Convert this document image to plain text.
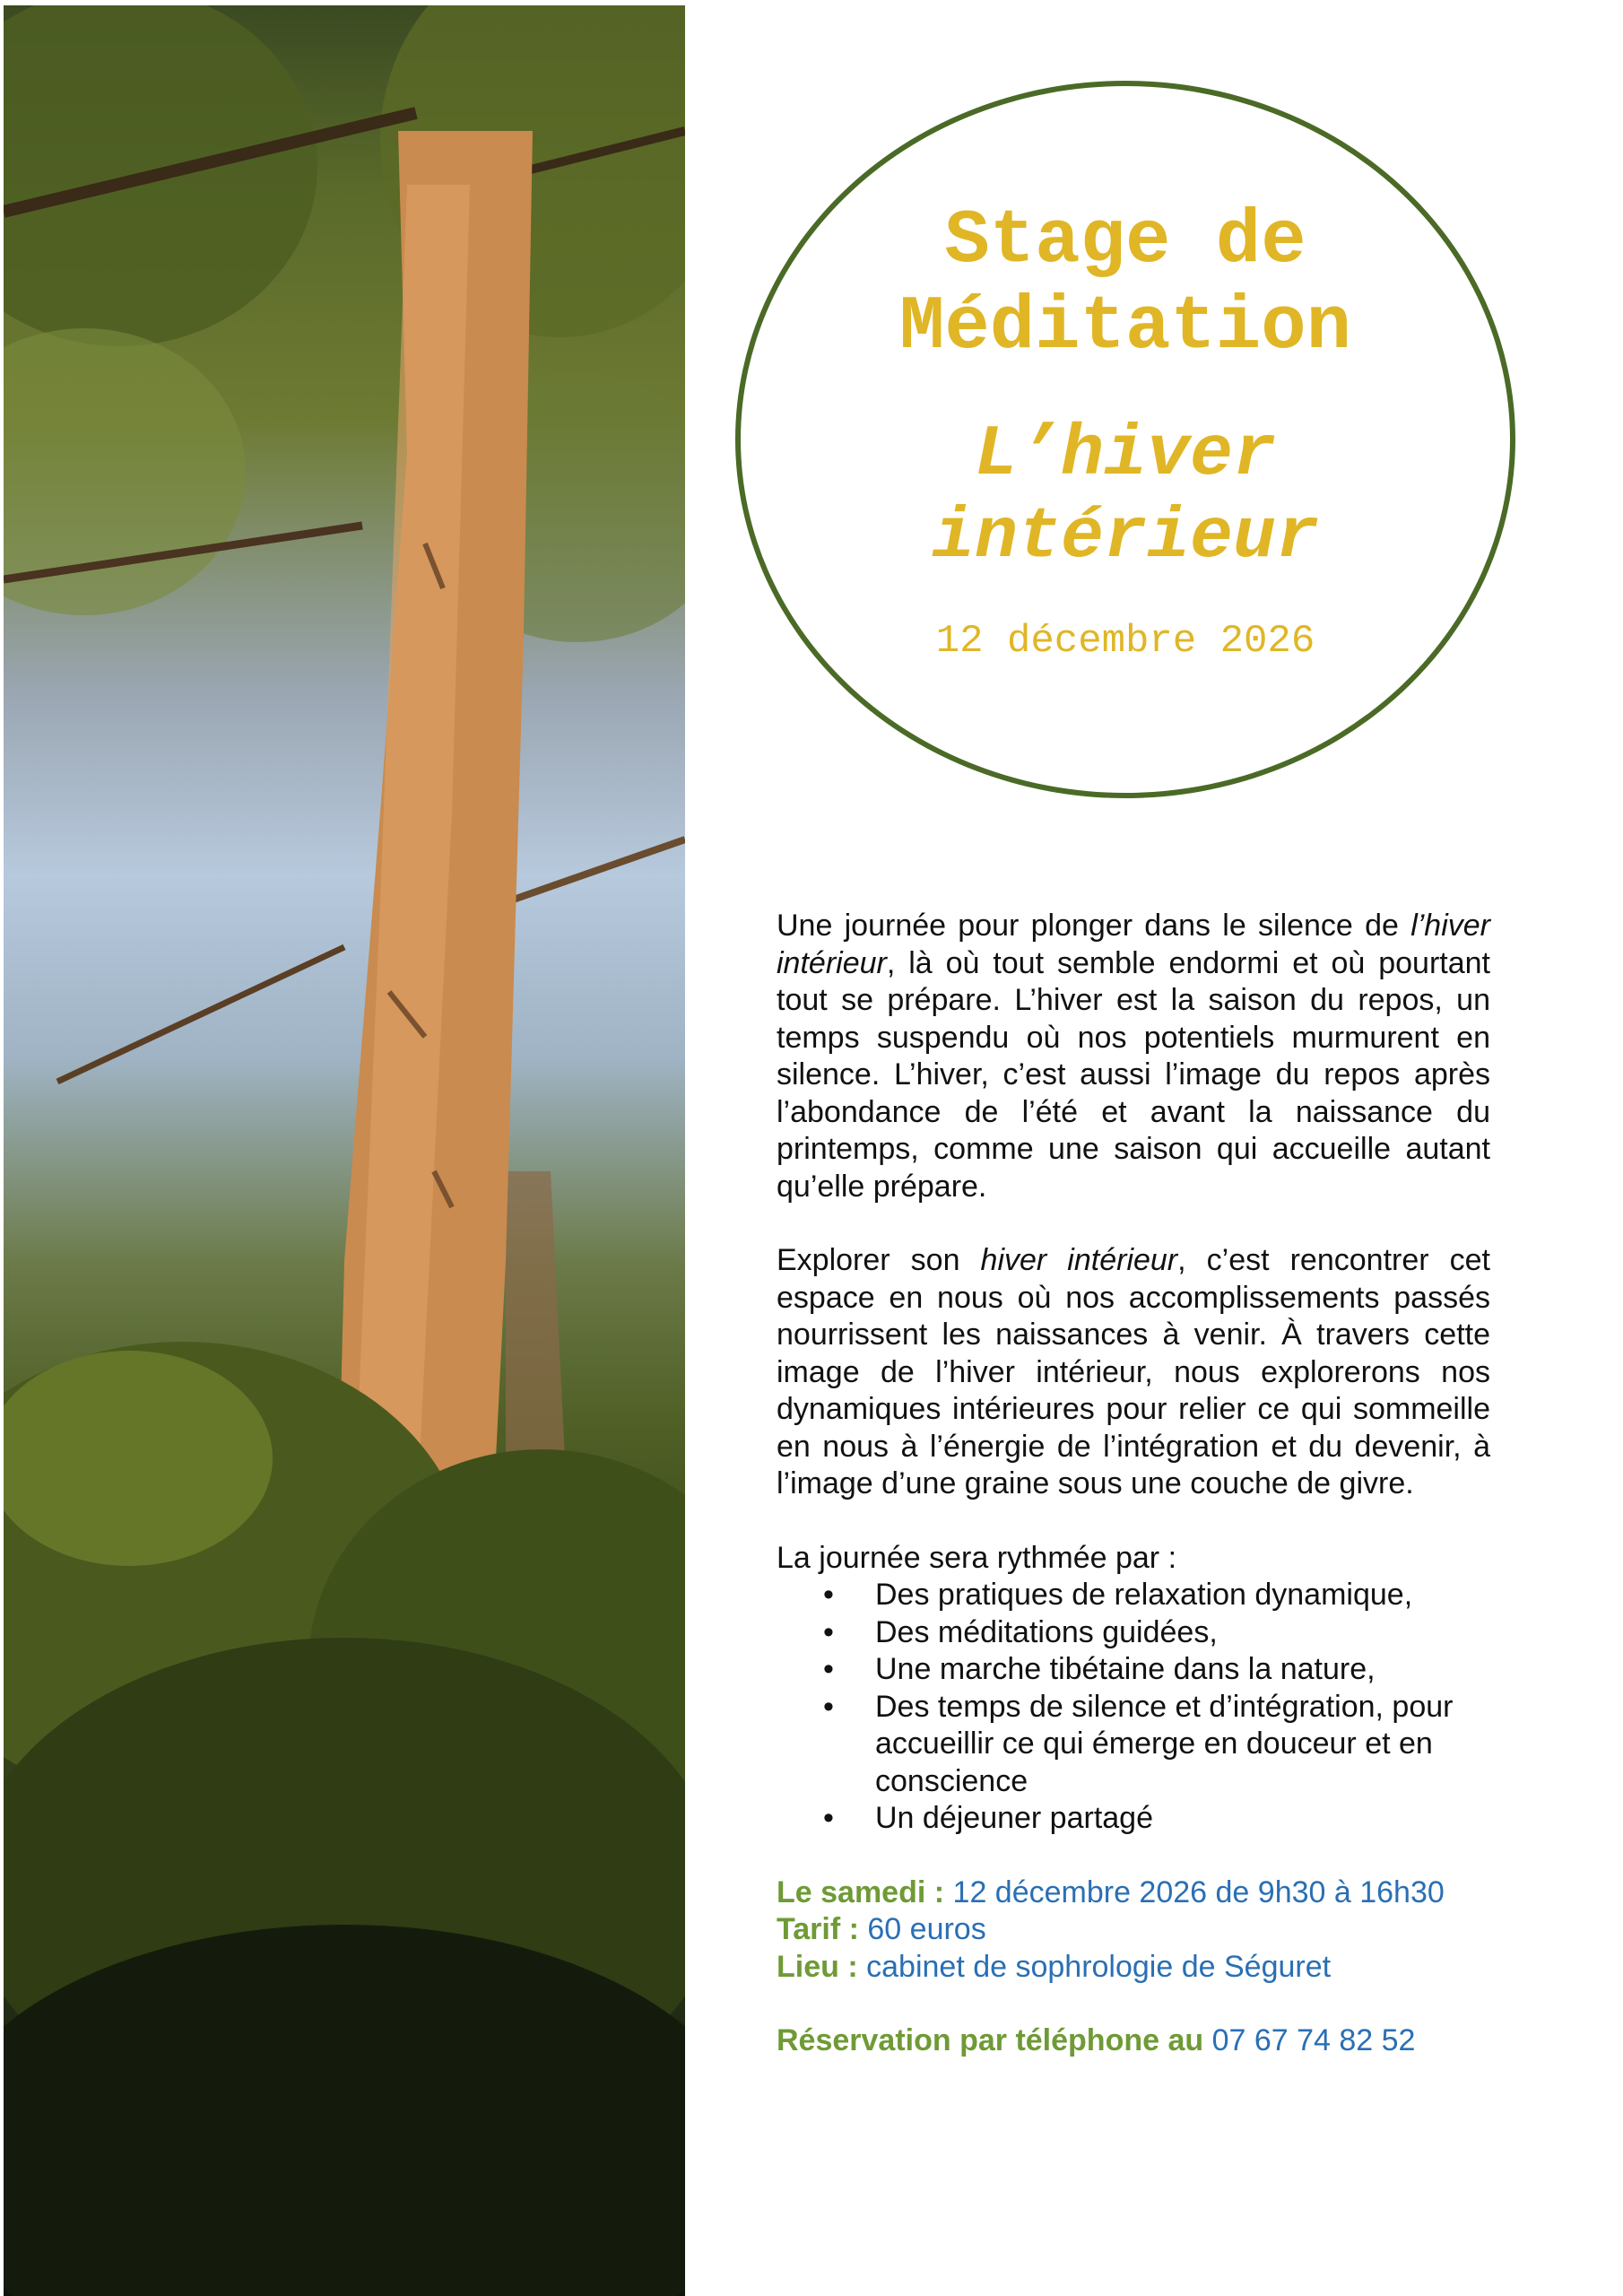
Stage de
Méditation
L’hiver
intérieur
12 décembre 2026

Une journée pour plonger dans le silence de l’hiver intérieur, là où tout semble endormi et où pourtant tout se prépare. L’hiver est la saison du repos, un temps suspendu où nos potentiels murmurent en silence. L’hiver, c’est aussi l’image du repos après l’abondance de l’été et avant la naissance du printemps, comme une saison qui accueille autant qu’elle prépare.

Explorer son hiver intérieur, c’est rencontrer cet espace en nous où nos accomplissements passés nourrissent les naissances à venir. À travers cette image de l’hiver intérieur, nous explorerons nos dynamiques intérieures pour relier ce qui sommeille en nous à l’énergie de l’intégration et du devenir, à l’image d’une graine sous une couche de givre.

La journée sera rythmée par :

• Des pratiques de relaxation dynamique,
• Des méditations guidées,
• Une marche tibétaine dans la nature,
• Des temps de silence et d’intégration, pour accueillir ce qui émerge en douceur et en conscience
• Un déjeuner partagé

Le samedi : 12 décembre 2026 de 9h30 à 16h30

Tarif : 60 euros

Lieu : cabinet de sophrologie de Séguret

Réservation par téléphone au 07 67 74 82 52
